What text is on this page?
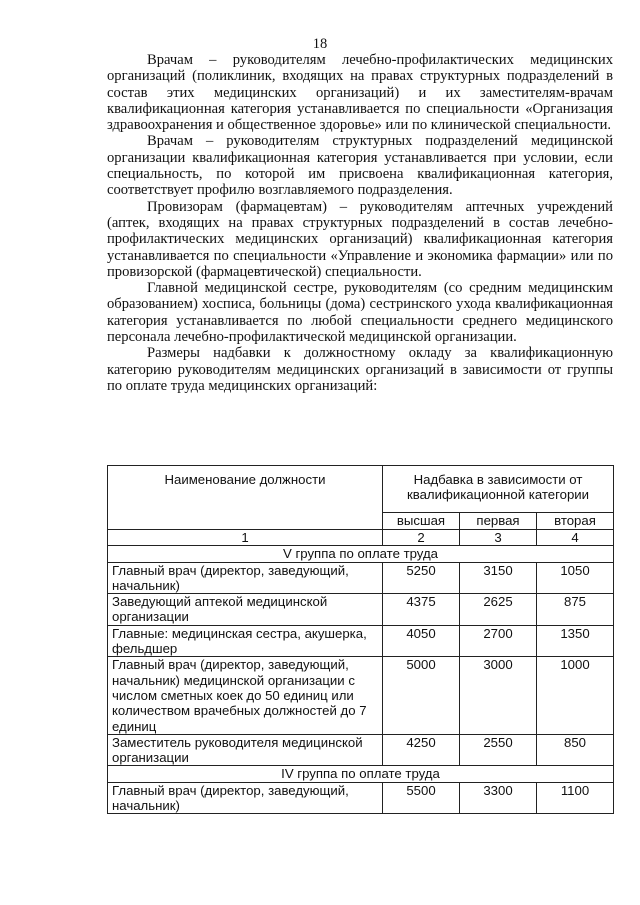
18

Врачам – руководителям лечебно-профилактических медицинских организаций (поликлиник, входящих на правах структурных подразделений в состав этих медицинских организаций) и их заместителям-врачам квалификационная категория устанавливается по специальности «Организация здравоохранения и общественное здоровье» или по клинической специальности.

Врачам – руководителям структурных подразделений медицинской организации квалификационная категория устанавливается при условии, если специальность, по которой им присвоена квалификационная категория, соответствует профилю возглавляемого подразделения.

Провизорам (фармацевтам) – руководителям аптечных учреждений (аптек, входящих на правах структурных подразделений в состав лечебно-профилактических медицинских организаций) квалификационная категория устанавливается по специальности «Управление и экономика фармации» или по провизорской (фармацевтической) специальности.

Главной медицинской сестре, руководителям (со средним медицинским образованием) хосписа, больницы (дома) сестринского ухода квалификационная категория устанавливается по любой специальности среднего медицинского персонала лечебно-профилактической медицинской организации.

Размеры надбавки к должностному окладу за квалификационную категорию руководителям медицинских организаций в зависимости от группы по оплате труда медицинских организаций:

Наименование должности	Надбавка в зависимости от квалификационной категории		
	высшая	первая	вторая
1	2	3	4
V группа по оплате труда			
Главный врач (директор, заведующий, начальник)	5250	3150	1050
Заведующий аптекой медицинской организации	4375	2625	875
Главные: медицинская сестра, акушерка, фельдшер	4050	2700	1350
Главный врач (директор, заведующий, начальник) медицинской организации с числом сметных коек до 50 единиц или количеством врачебных должностей до 7 единиц	5000	3000	1000
Заместитель руководителя медицинской организации	4250	2550	850
IV группа по оплате труда			
Главный врач (директор, заведующий, начальник)	5500	3300	1100
